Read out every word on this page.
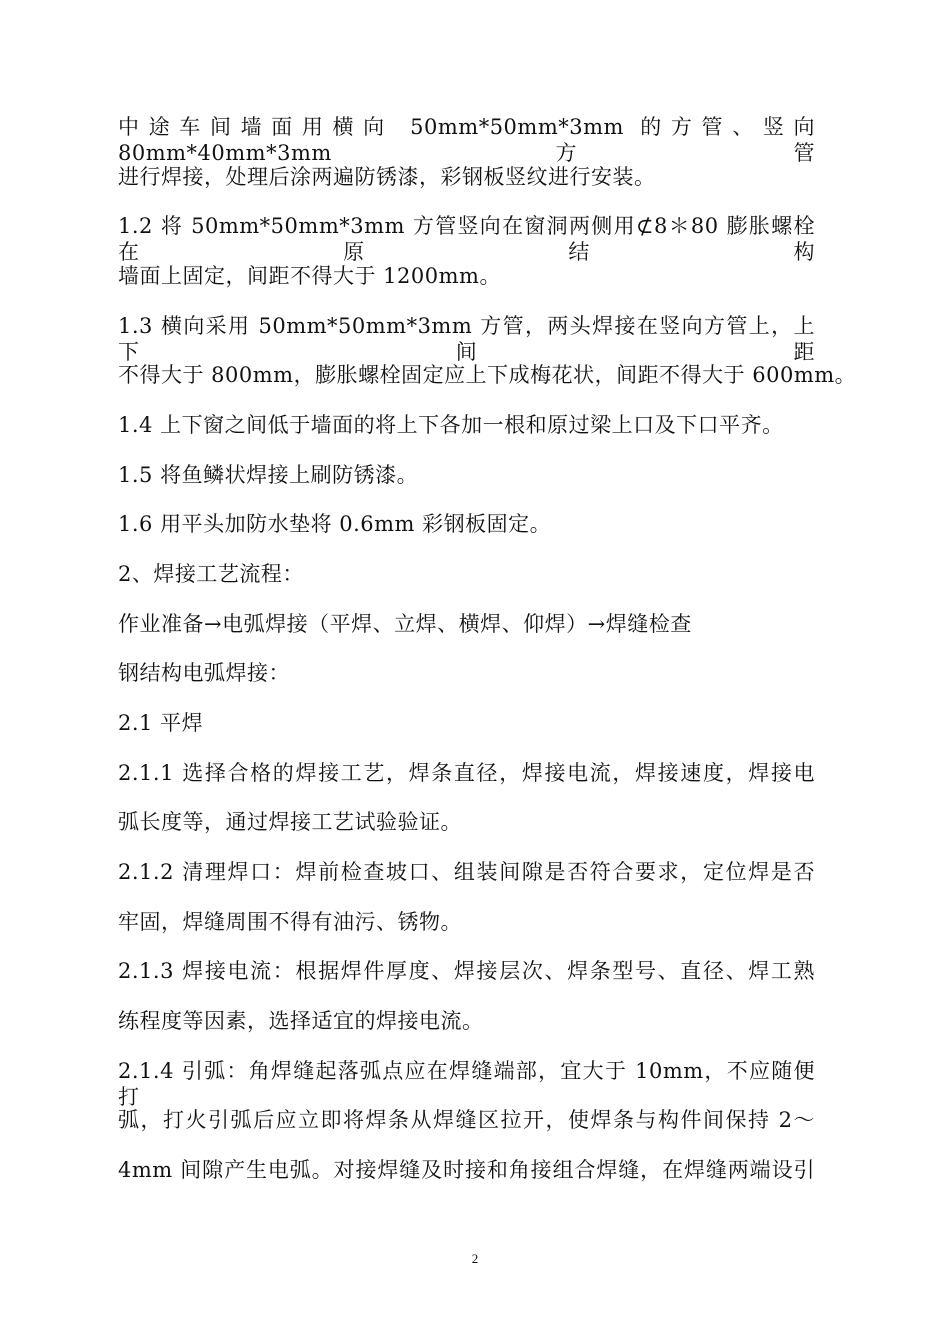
中途车间墙面用横向 50mm*50mm*3mm 的方管、竖向 80mm*40mm*3mm 方管
进行焊接，处理后涂两遍防锈漆，彩钢板竖纹进行安装。
1.2 将 50mm*50mm*3mm 方管竖向在窗洞两侧用⊄8＊80 膨胀螺栓在原结构
墙面上固定，间距不得大于 1200mm。
1.3 横向采用 50mm*50mm*3mm 方管，两头焊接在竖向方管上，上下间距
不得大于 800mm，膨胀螺栓固定应上下成梅花状，间距不得大于 600mm。
1.4 上下窗之间低于墙面的将上下各加一根和原过梁上口及下口平齐。
1.5 将鱼鳞状焊接上刷防锈漆。
1.6 用平头加防水垫将 0.6mm 彩钢板固定。
2、焊接工艺流程：
作业准备→电弧焊接（平焊、立焊、横焊、仰焊）→焊缝检查
钢结构电弧焊接：
2.1 平焊
2.1.1 选择合格的焊接工艺，焊条直径，焊接电流，焊接速度，焊接电
弧长度等，通过焊接工艺试验验证。
2.1.2 清理焊口：焊前检查坡口、组装间隙是否符合要求，定位焊是否
牢固，焊缝周围不得有油污、锈物。
2.1.3 焊接电流：根据焊件厚度、焊接层次、焊条型号、直径、焊工熟
练程度等因素，选择适宜的焊接电流。
2.1.4 引弧：角焊缝起落弧点应在焊缝端部，宜大于 10mm，不应随便打
弧，打火引弧后应立即将焊条从焊缝区拉开，使焊条与构件间保持 2～
4mm 间隙产生电弧。对接焊缝及时接和角接组合焊缝，在焊缝两端设引
2
